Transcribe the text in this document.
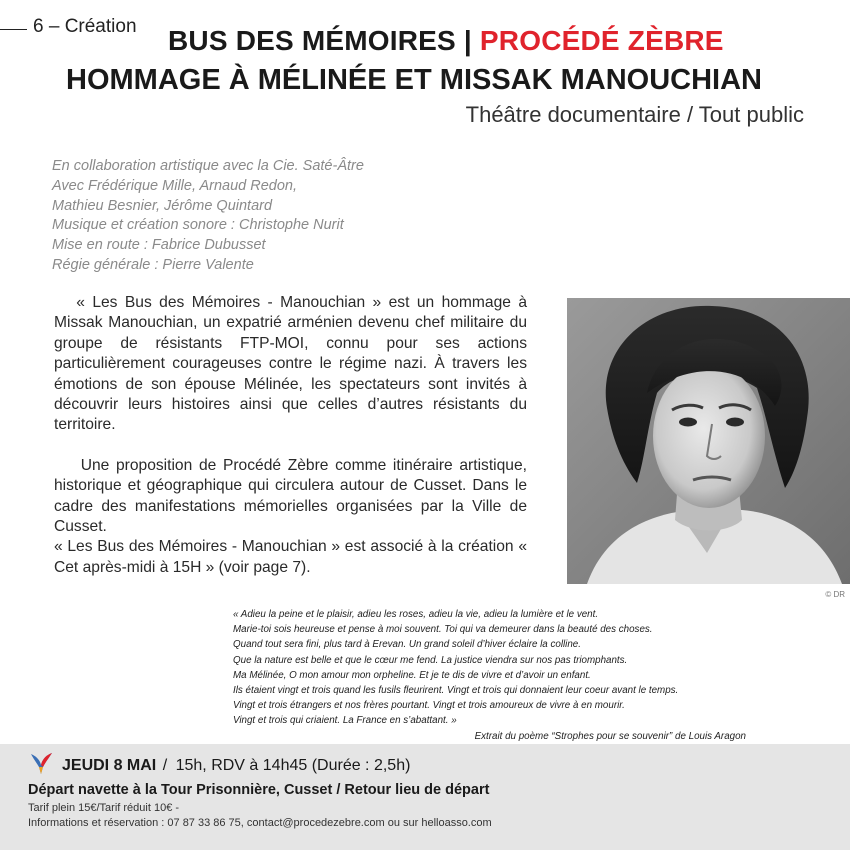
6 – Création BUS DES MÉMOIRES | PROCÉDÉ ZÈBRE
HOMMAGE À MÉLINÉE ET MISSAK MANOUCHIAN
Théâtre documentaire / Tout public
En collaboration artistique avec la Cie. Saté-Âtre
Avec Frédérique Mille, Arnaud Redon,
Mathieu Besnier, Jérôme Quintard
Musique et création sonore : Christophe Nurit
Mise en route : Fabrice Dubusset
Régie générale : Pierre Valente

« Les Bus des Mémoires - Manouchian » est un hommage à Missak Manouchian, un expatrié arménien devenu chef militaire du groupe de résistants FTP-MOI, connu pour ses actions particulièrement courageuses contre le régime nazi. À travers les émotions de son épouse Mélinée, les spectateurs sont invités à découvrir leurs histoires ainsi que celles d’autres résistants du territoire.

Une proposition de Procédé Zèbre comme itinéraire artistique, historique et géographique qui circulera autour de Cusset. Dans le cadre des manifestations mémorielles organisées par la Ville de Cusset.

« Les Bus des Mémoires - Manouchian » est associé à la création « Cet après-midi à 15H » (voir page 7).

© DR
« Adieu la peine et le plaisir, adieu les roses, adieu la vie, adieu la lumière et le vent.
Marie-toi sois heureuse et pense à moi souvent. Toi qui va demeurer dans la beauté des choses.
Quand tout sera fini, plus tard à Erevan. Un grand soleil d’hiver éclaire la colline.
Que la nature est belle et que le cœur me fend. La justice viendra sur nos pas triomphants.
Ma Mélinée, O mon amour mon orpheline. Et je te dis de vivre et d’avoir un enfant.
Ils étaient vingt et trois quand les fusils fleurirent. Vingt et trois qui donnaient leur coeur avant le temps.
Vingt et trois étrangers et nos frères pourtant. Vingt et trois amoureux de vivre à en mourir.
Vingt et trois qui criaient. La France en s’abattant. »
Extrait du poème “Strophes pour se souvenir” de Louis Aragon
JEUDI 8 MAI / 15h, RDV à 14h45 (Durée : 2,5h)
Départ navette à la Tour Prisonnière, Cusset / Retour lieu de départ
Tarif plein 15€/Tarif réduit 10€ -
Informations et réservation : 07 87 33 86 75, contact@procedezebre.com ou sur helloasso.com
